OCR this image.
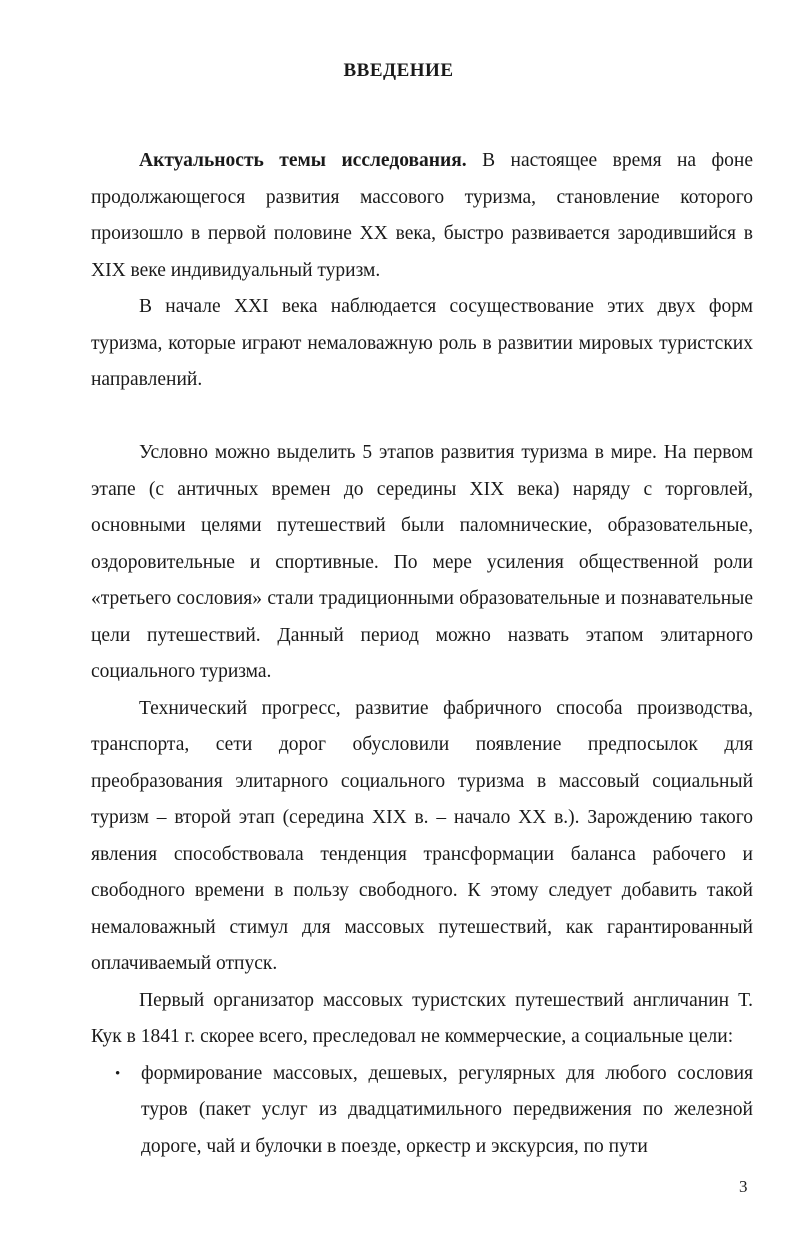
ВВЕДЕНИЕ

Актуальность темы исследования. В настоящее время на фоне продолжающегося развития массового туризма, становление которого произошло в первой половине XX века, быстро развивается зародившийся в XIX веке индивидуальный туризм.

В начале XXI века наблюдается сосуществование этих двух форм туризма, которые играют немаловажную роль в развитии мировых туристских направлений.

Условно можно выделить 5 этапов развития туризма в мире. На первом этапе (с античных времен до середины XIX века) наряду с торговлей, основными целями путешествий были паломнические, образовательные, оздоровительные и спортивные. По мере усиления общественной роли «третьего сословия» стали традиционными образовательные и познавательные цели путешествий. Данный период можно назвать этапом элитарного социального туризма.

Технический прогресс, развитие фабричного способа производства, транспорта, сети дорог обусловили появление предпосылок для преобразования элитарного социального туризма в массовый социальный туризм – второй этап (середина XIX в. – начало XX в.). Зарождению такого явления способствовала тенденция трансформации баланса рабочего и свободного времени в пользу свободного. К этому следует добавить такой немаловажный стимул для массовых путешествий, как гарантированный оплачиваемый отпуск.

Первый организатор массовых туристских путешествий англичанин Т. Кук в 1841 г. скорее всего, преследовал не коммерческие, а социальные цели:

• формирование массовых, дешевых, регулярных для любого сословия туров (пакет услуг из двадцатимильного передвижения по железной дороге, чай и булочки в поезде, оркестр и экскурсия, по пути
3
